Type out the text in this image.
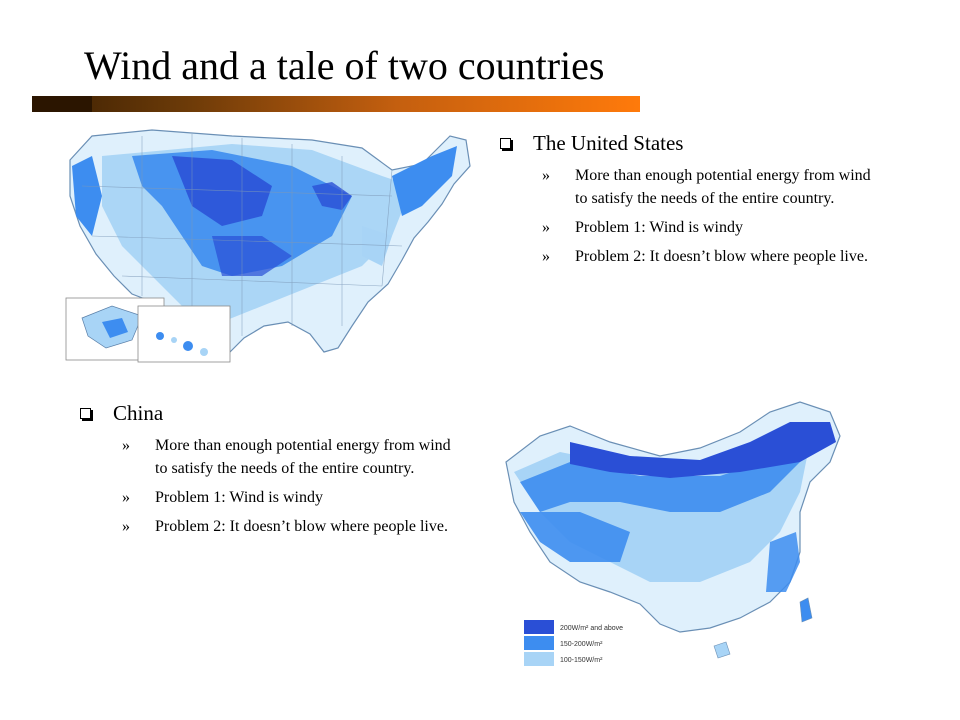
Wind and a tale of two countries
The United States
»	More than enough potential energy from wind to satisfy the needs of the entire country.
»	Problem 1: Wind is windy
»	Problem 2: It doesn’t blow where people live.
China
»	More than enough potential energy from wind to satisfy the needs of the entire country.
»	Problem 1: Wind is windy
»	Problem 2: It doesn’t blow where people live.
200W/m² and above
150-200W/m²
100-150W/m²
